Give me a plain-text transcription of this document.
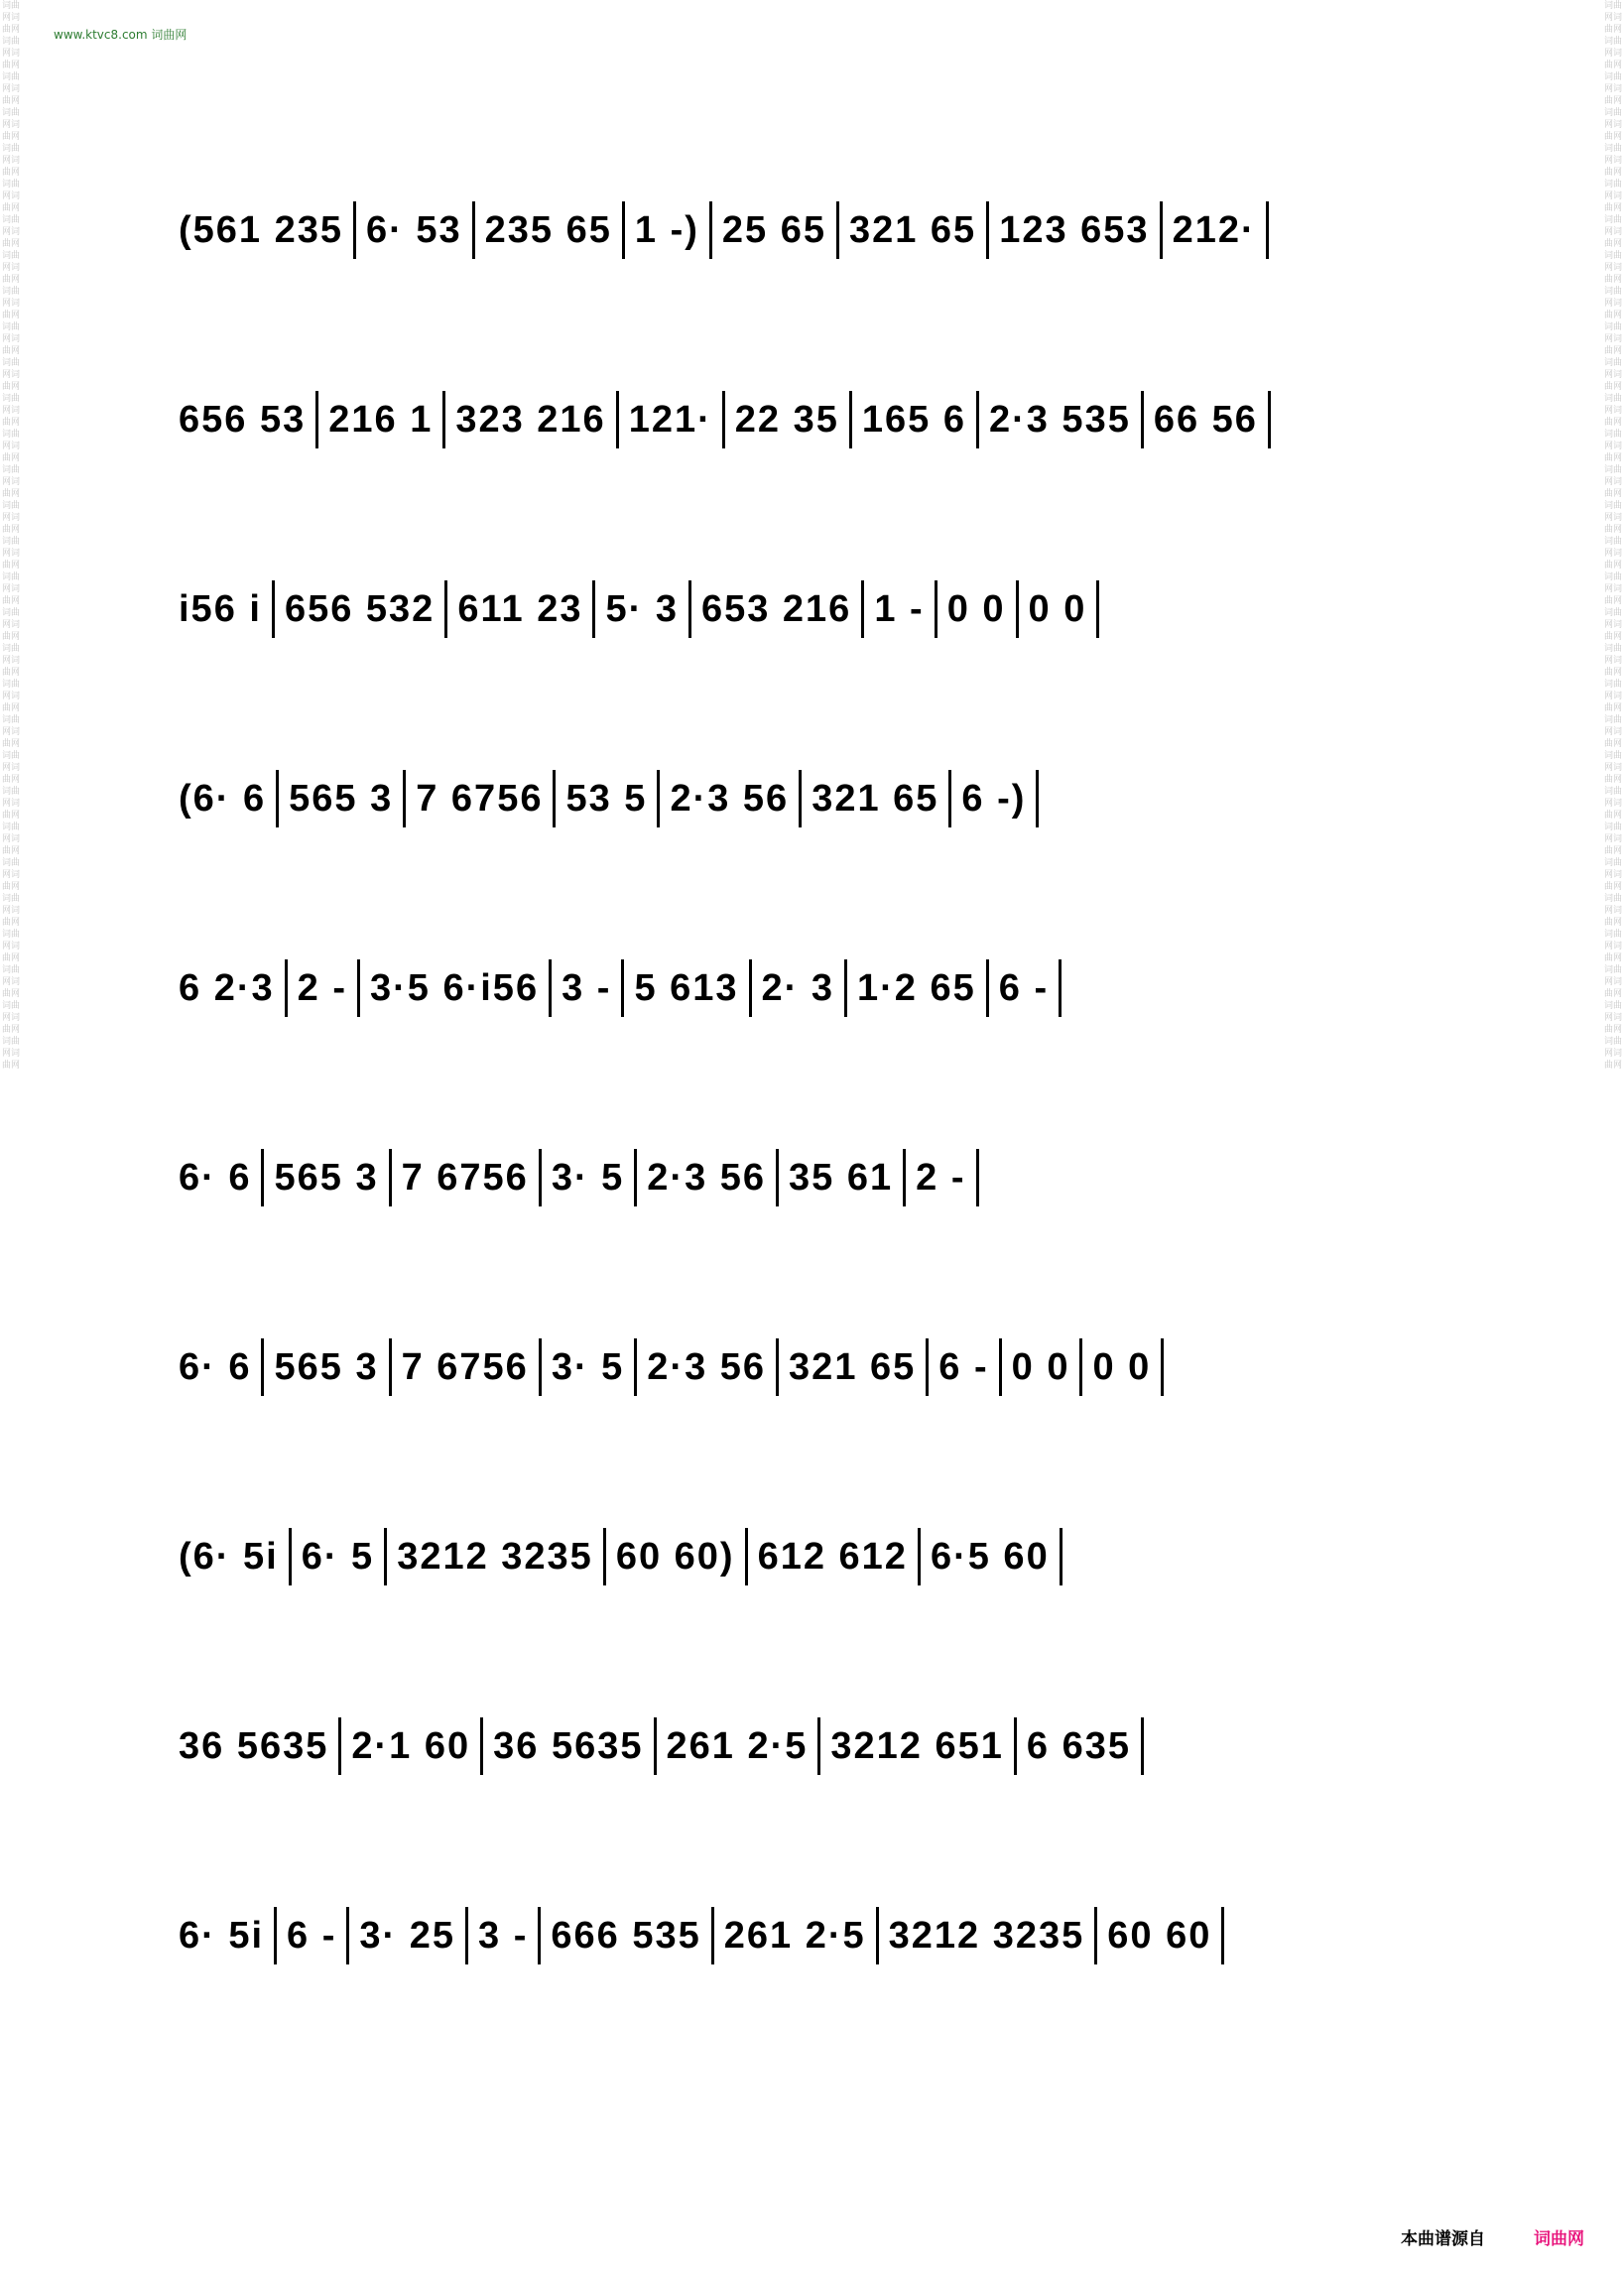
词曲网词曲网词曲网词曲网词曲网词曲网词曲网词曲网词曲网词曲网词曲网词曲网词曲网词曲网词曲网词曲网词曲网词曲网词曲网词曲网词曲网词曲网词曲网词曲网词曲网词曲网词曲网词曲网词曲网词曲网词曲网词曲网词曲网词曲网词曲网词曲网词曲网词曲网词曲网词曲网词曲网词曲网词曲网词曲网词曲网词曲网词曲网词曲网词曲网词曲网词曲网词曲网词曲网词曲网词曲网词曲网词曲网词曲网词曲网词曲网
词曲网词曲网词曲网词曲网词曲网词曲网词曲网词曲网词曲网词曲网词曲网词曲网词曲网词曲网词曲网词曲网词曲网词曲网词曲网词曲网词曲网词曲网词曲网词曲网词曲网词曲网词曲网词曲网词曲网词曲网词曲网词曲网词曲网词曲网词曲网词曲网词曲网词曲网词曲网词曲网词曲网词曲网词曲网词曲网词曲网词曲网词曲网词曲网词曲网词曲网词曲网词曲网词曲网词曲网词曲网词曲网词曲网词曲网词曲网词曲网
www.ktvc8.com 词曲网
(561 235 6· 53 235 65 1 -) 25 65 321 65 123 653 212·
656 53 216 1 323 216 121· 22 35 165 6 2·3 535 66 56
i56 i 656 532 611 23 5· 3 653 216 1 - 0 0 0 0
(6· 6 565 3 7 6756 53 5 2·3 56 321 65 6 -)
6 2·3 2 - 3·5 6·i56 3 - 5 613 2· 3 1·2 65 6 -
6· 6 565 3 7 6756 3· 5 2·3 56 35 61 2 -
6· 6 565 3 7 6756 3· 5 2·3 56 321 65 6 - 0 0 0 0
(6· 5i 6· 5 3212 3235 60 60) 612 612 6·5 60
36 5635 2·1 60 36 5635 261 2·5 3212 651 6 635
6· 5i 6 - 3· 25 3 - 666 535 261 2·5 3212 3235 60 60
本曲谱源自	词曲网
